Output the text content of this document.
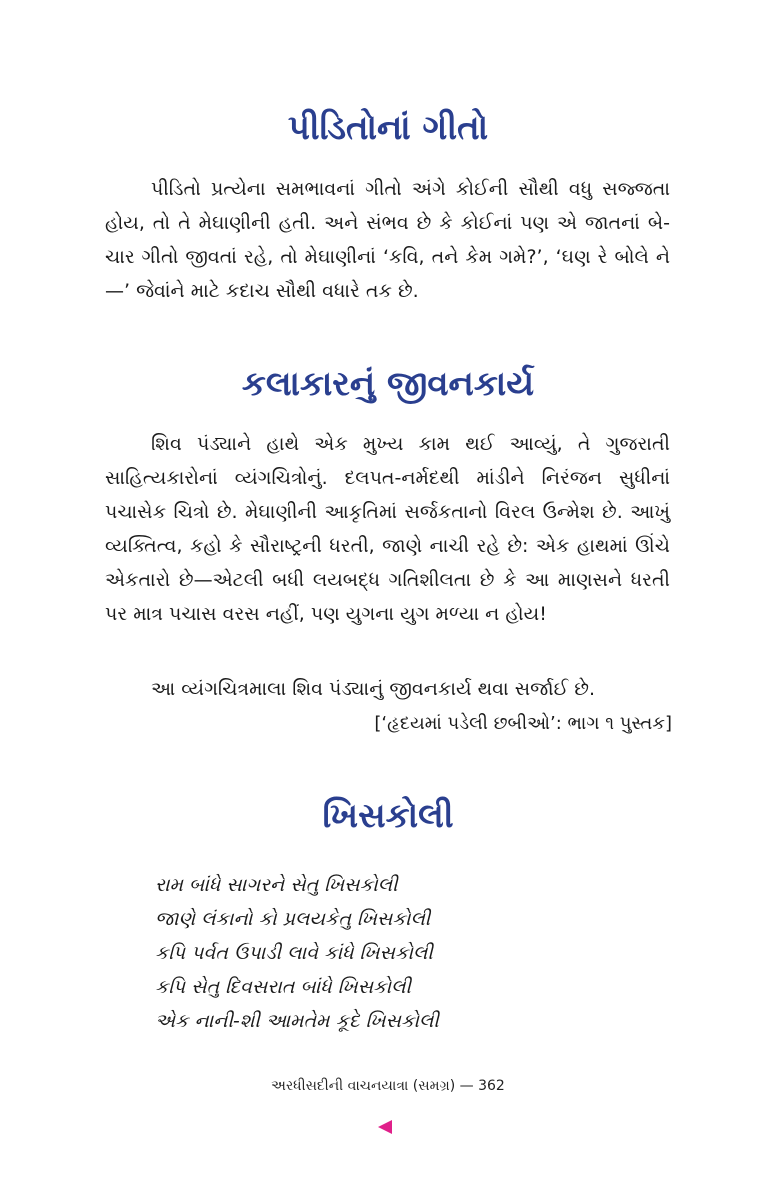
પીડિતોનાં ગીતો

પીડિતો પ્રત્યેના સમભાવનાં ગીતો અંગે કોઈની સૌથી વધુ સજ્જતા હોય, તો તે મેઘાણીની હતી. અને સંભવ છે કે કોઈનાં પણ એ જાતનાં બે-ચાર ગીતો જીવતાં રહે, તો મેઘાણીનાં ‘કવિ, તને કેમ ગમે?’, ‘ઘણ રે બોલે ને—’ જેવાંને માટે કદાચ સૌથી વધારે તક છે.

કલાકારનું જીવનકાર્ય

શિવ પંડ્યાને હાથે એક મુખ્ય કામ થઈ આવ્યું, તે ગુજરાતી સાહિત્યકારોનાં વ્યંગચિત્રોનું. દલપત-નર્મદથી માંડીને નિરંજન સુધીનાં પચાસેક ચિત્રો છે. મેઘાણીની આકૃતિમાં સર્જકતાનો વિરલ ઉન્મેશ છે. આખું વ્યક્તિત્વ, કહો કે સૌરાષ્ટ્રની ધરતી, જાણે નાચી રહે છે: એક હાથમાં ઊંચે એકતારો છે—એટલી બધી લયબદ્ધ ગતિશીલતા છે કે આ માણસને ધરતી પર માત્ર પચાસ વરસ નહીં, પણ યુગના યુગ મળ્યા ન હોય!

આ વ્યંગચિત્રમાલા શિવ પંડ્યાનું જીવનકાર્ય થવા સર્જાઈ છે.

[‘હૃદયમાં પડેલી છબીઓ’: ભાગ ૧ પુસ્તક]

ખિસકોલી
રામ બાંધે સાગરને સેતુ ખિસકોલી
જાણે લંકાનો કો પ્રલયકેતુ ખિસકોલી
કપિ પર્વત ઉપાડી લાવે કાંધે ખિસકોલી
કપિ સેતુ દિવસરાત બાંધે ખિસકોલી
એક નાની-શી આમતેમ કૂદે ખિસકોલી
અરધીસદીની વાચનયાત્રા (સમગ્ર) — 362
